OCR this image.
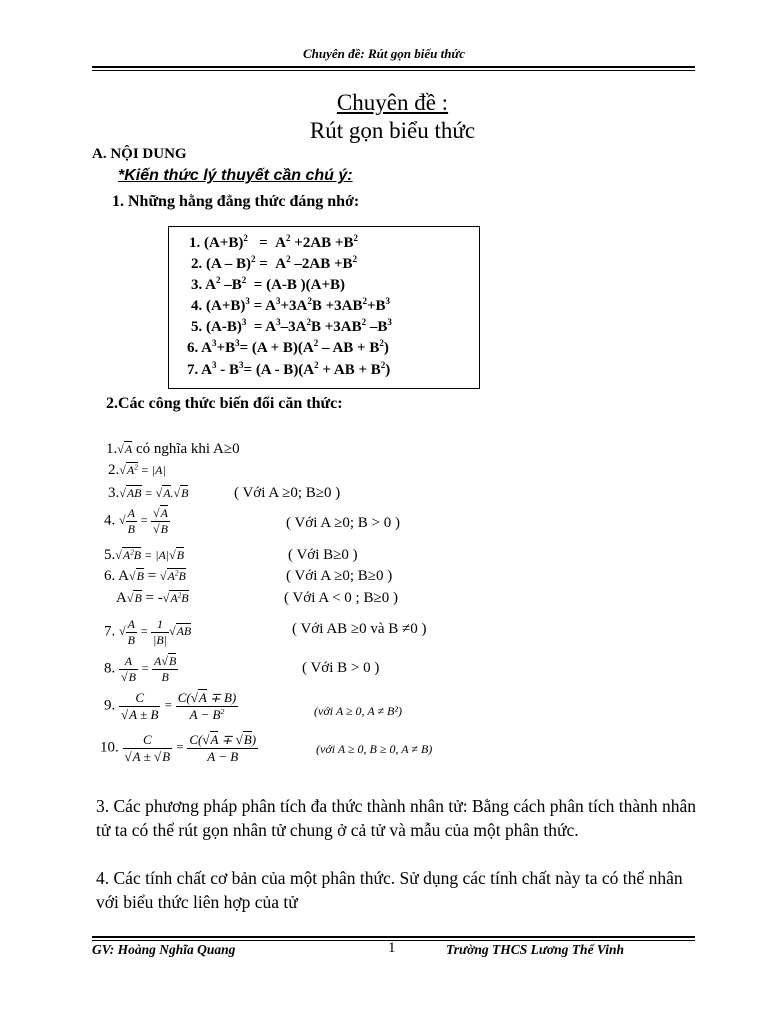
Chuyên đề: Rút gọn biểu thức
Chuyên đề :
Rút gọn biểu thức
A. NỘI DUNG
*Kiến thức lý thuyết cần chú ý:
1. Những hằng đẳng thức đáng nhớ:
1. $(A+B)^2 = A^2 +2AB +B^2$
2. $(A - B)^2 = A^2$ $-2AB +B^2$
3. $A^2$ $-B^2 = (A-B$ )(A+B)
4. $(A+B)^3 = A^3+3A^2B +3AB^2+B^3$
5. $(A-B)^3 = A^3-3A^2B +3AB^2$ $-B^3$
6. $A^3+B^3= (A + B)(A^2$ – AB + $B^2$)
7. $A^3 - B^3= (A - B)(A^2$ + AB + $B^2$)
2.Các công thức biến đổi căn thức:
1.√A có nghĩa khi A≥0
$2.√A^2 = |A|$
3.√AB = √A.√B	( Với A ≥0; B≥0 )
4. √ $\frac{A}{B} = \frac{√A}{√B}$	( Với A ≥0; B > 0 )
$5.√A^2B = |A|√B$	( Với B≥0 )
6. $A√B = √A^2B$	( Với A ≥0; B≥0 )
$A√B = -√A^2B$	( Với A < 0 ; B≥0 )
7. √ $\frac{A}{B} = \frac{1}{|B|} √AB$	( Với AB ≥0 và B ≠0 )
8. $\frac{A}{√B} = \frac{A√B}{B}$	( Với B > 0 )
9. $\frac{C}{√A \pm B} = \frac{C(√A \mp B)}{A - B^2}$	(với A ≥ 0, A ≠ B²)
10. $\frac{C}{√A \pm √B} = \frac{C(√A \mp √B)}{A - B}$	(với A ≥ 0, B ≥ 0, A ≠ B)
3. Các phương pháp phân tích đa thức thành nhân tử: Bằng cách phân tích thành nhân tử ta có thể rút gọn nhân tử chung ở cả tử và mẫu của một phân thức.
4. Các tính chất cơ bản của một phân thức. Sử dụng các tính chất này ta có thể nhân với biểu thức liên hợp của tử
GV: Hoàng Nghĩa Quang	1	Trường THCS Lương Thế Vinh
